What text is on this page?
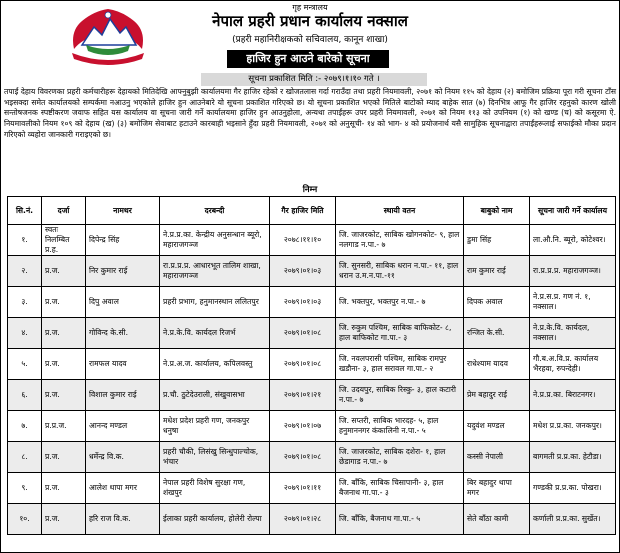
गृह मन्त्रालय
नेपाल प्रहरी प्रधान कार्यालय नक्साल
(प्रहरी महानिरीक्षकको सचिवालय, कानून शाखा)
हाजिर हुन आउने बारेको सूचना
सूचना प्रकाशित मिति :- २०७९।१।१० गते ।
तपाईं देहाय विवरणका प्रहरी कर्मचारीहरू देहायको मितिदेखि आफ्नुबुझी कार्यालयमा गैर हाजिर रहेको र खोजतलास गर्दा गराउँदा तथा प्रहरी नियमावली, २०७१ को नियम ११५ को देहाय (२) बमोजिम प्रक्रिया पूरा गरी सूचना टाँस भइसक्दा समेत कार्यालयको सम्पर्कमा नआउनु भएकोले हाजिर हुन आउनेबारे यो सूचना प्रकाशित गरिएको छ। यो सूचना प्रकाशित भएको मितिले बाटोको म्याद बाहेक सात (७) दिनभित्र आफू गैर हाजिर रहनुको कारण खोली सन्तोषजनक स्पष्टीकरण जवाफ सहित यस कार्यालय वा सूचना जारी गर्ने कार्यालयमा हाजिर हुन आउनुहोला, अन्यथा तपाईंहरू उपर प्रहरी नियमावली, २०७१ को नियम ११३ को उपनियम (१) को खण्ड (च) को कसूरमा ऐ. नियमावलीको नियम १०९ को देहाय (ख) (३) बमोजिम सेवाबाट हटाउने कारबाही भइसाने हुँदा प्रहरी नियमावली, २०७१ को अनुसूची- १४ को भाग- ४ को प्रयोजनार्थ यसै सामुहिक सूचनाद्वारा तपाईंहरूलाई सफाईको मौका प्रदान गरिएको व्यहोरा जानकारी गराइएको छ।
निम्न
सि.नं.	दर्जा	नामथर	दरबन्दी	गैर हाजिर मिति	स्थायी वतन	बाबुको नाम	सूचना जारी गर्ने कार्यालय
१.	स्वतः निलम्बित प्र.ह.	दिपेन्द्र सिंह	ने.प्र.प्र.का. केन्द्रीय अनुसन्धान ब्यूरो, महाराजगञ्ज	२०७८।११।१०	जि. जाजरकोट, साबिक खोगनकोट- ९, हाल नलगाड न.पा.- ७	डुमा सिंह	ला.औ.नि. ब्यूरो, कोटेश्वर।
२.	प्र.ज.	निर कुमार राई	रा.प्र.प्र.प्र. आधारभूत तालिम शाखा, महाराजगञ्ज	२०७९।०१।०३	जि. सुनसरी, साबिक धरान न.पा.- ११, हाल धरान उ.म.न.पा.-११	राम कुमार राई	रा.प्र.प्र.प्र. महाराजगञ्ज।
३.	प्र.ज.	दिपु अवाल	प्रहरी प्रभाग, हनुमानस्थान ललितपुर	२०७९।०१।०३	जि. भक्तपुर, भक्तपुर न.पा.- ७	दिपक अवाल	ने.प्र.स.प्र. गण नं. १, नक्साल।
४.	प्र.ज.	गोविन्द के.सी.	ने.प्र.के.वि. कार्यदल रिजर्भ	२०७९।०१।०८	जि. रुकुम पश्चिम, साबिक बाफिकोट- ८, हाल बाफिकोट गा.पा.- ३	रन्जित के.सी.	ने.प्र.के.वि. कार्यदल, नक्साल।
५.	प्र.ज.	रामफल यादव	ने.प्र.अ.ज. कार्यालय, कपिलवस्तु	२०७९।०१।०८	जि. नवलपरासी पश्चिम, साबिक रामपुर खडौना- ३, हाल सरावल गा.पा.- २	राधेश्याम यादव	गौ.ब.अ.वि.प्र. कार्यालय भैरहवा, रुपन्देही।
६.	प्र.ज.	विशाल कुमार राई	प्र.चौ. ठुटेदेउराली, संखुवासभा	२०७९।०१।२१	जि. उदयपुर, साबिक रिस्कु- ३, हाल कटारी न.पा.- ७	प्रेम बहादुर राई	ने.प्र.प्र.का. बिराटनगर।
७.	प्र.प्र.ज.	आनन्द मण्डल	मधेश प्रदेश प्रहरी गण, जनकपुर धनुषा	२०७९।०१।०७	जि. सप्तरी, साबिक भारदह- ५, हाल हनुमाननगर कंकालिनी न.पा.- ५	यदुवंश मण्डल	मधेश प्र.प्र.का. जनकपुर।
८.	प्र.ज.	धर्मेन्द्र वि.क.	प्रहरी चौकी, लिसंखु सिन्धुपाल्चोक, भंचार	२०७९।०१।०८	जि. जाजरकोट, साबिक दशेरा- १, हाल छेडागाड न.पा.- ७	कस्सी नेपाली	बागमती प्र.प्र.का. हेटौडा।
९.	प्र.ज.	आलेश थापा मगर	नेपाल प्रहरी विशेष सुरक्षा गण, शंखपुर	२०७९।०१।११	जि. बाँकि, साबिक चिसापानी- ३, हाल बैजनाथ गा.पा.- ३	बिर बहादुर थापा मगर	गण्डकी प्र.प्र.का. पोखरा।
१०.	प्र.ज.	हरि राज वि.क.	ईलाका प्रहरी कार्यालय, होलेरी रोल्पा	२०७९।०१।२८	जि. बाँकि, बैजनाथ गा.पा.- ५	सेते बाँठा कामी	कर्णाली प्र.प्र.का. सुर्खेत।
